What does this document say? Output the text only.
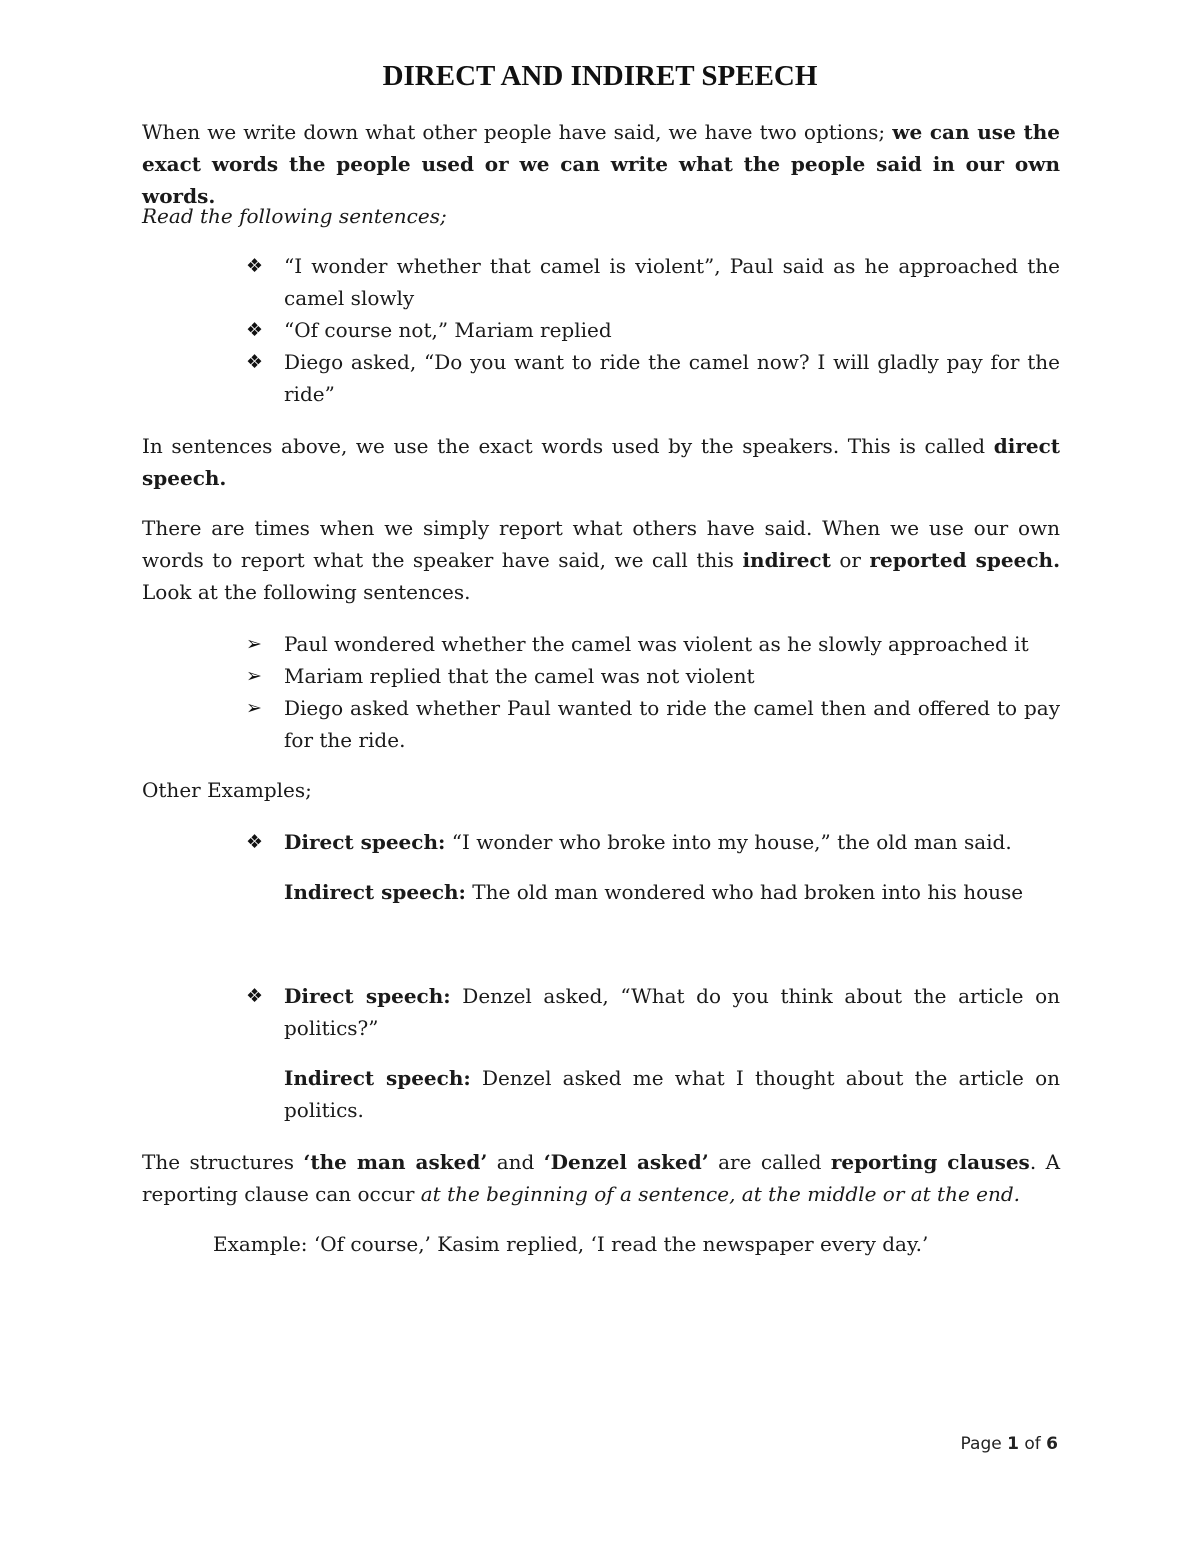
DIRECT AND INDIRET SPEECH

When we write down what other people have said, we have two options; we can use the exact words the people used or we can write what the people said in our own words.

Read the following sentences;

❖	“I wonder whether that camel is violent”, Paul said as he approached the camel slowly

❖	“Of course not,” Mariam replied

❖	Diego asked, “Do you want to ride the camel now? I will gladly pay for the ride”

In sentences above, we use the exact words used by the speakers. This is called direct speech.

There are times when we simply report what others have said. When we use our own words to report what the speaker have said, we call this indirect or reported speech. Look at the following sentences.

➢	Paul wondered whether the camel was violent as he slowly approached it

➢	Mariam replied that the camel was not violent

➢	Diego asked whether Paul wanted to ride the camel then and offered to pay for the ride.

Other Examples;

❖	Direct speech: “I wonder who broke into my house,” the old man said.

Indirect speech: The old man wondered who had broken into his house

❖	Direct speech: Denzel asked, “What do you think about the article on politics?”

Indirect speech: Denzel asked me what I thought about the article on politics.

The structures ‘the man asked’ and ‘Denzel asked’ are called reporting clauses. A reporting clause can occur at the beginning of a sentence, at the middle or at the end.

Example: ‘Of course,’ Kasim replied, ‘I read the newspaper every day.’

Page 1 of 6
